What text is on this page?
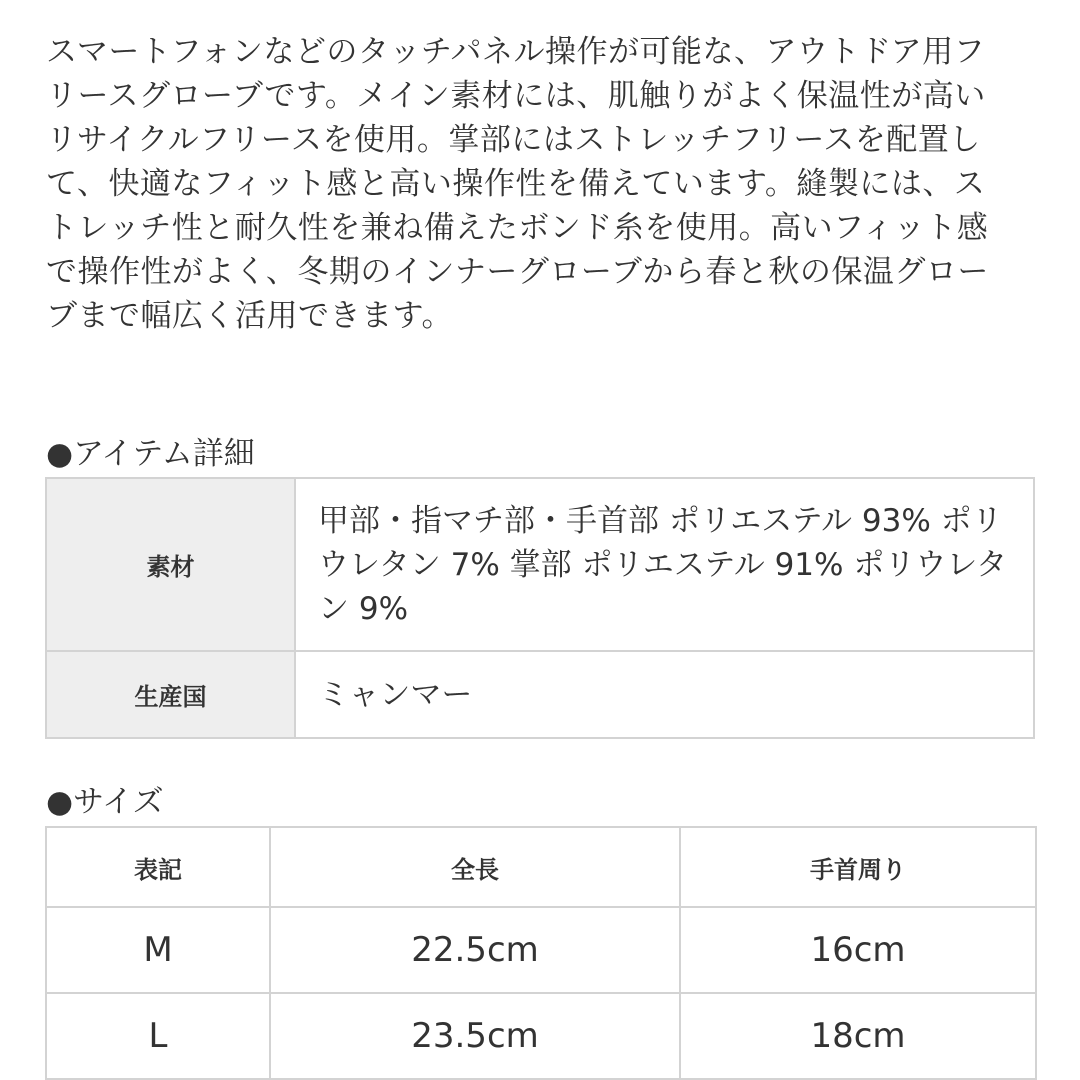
スマートフォンなどのタッチパネル操作が可能な、アウトドア用フリースグローブです。メイン素材には、肌触りがよく保温性が高いリサイクルフリースを使用。掌部にはストレッチフリースを配置して、快適なフィット感と高い操作性を備えています。縫製には、ストレッチ性と耐久性を兼ね備えたボンド糸を使用。高いフィット感で操作性がよく、冬期のインナーグローブから春と秋の保温グローブまで幅広く活用できます。

●アイテム詳細
素材	甲部・指マチ部・手首部 ポリエステル 93% ポリウレタン 7% 掌部 ポリエステル 91% ポリウレタン 9%
生産国	ミャンマー
●サイズ
表記	全長	手首周り
M	22.5cm	16cm
L	23.5cm	18cm
